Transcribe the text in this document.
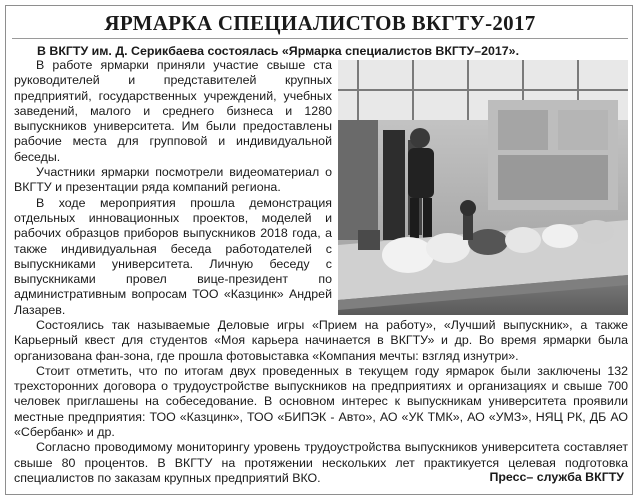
ЯРМАРКА СПЕЦИАЛИСТОВ ВКГТУ-2017
В ВКГТУ им. Д. Серикбаева состоялась «Ярмарка специалистов ВКГТУ–2017».

В работе ярмарки приняли участие свыше ста руководителей и представителей крупных предприятий, государственных учреждений, учебных заведений, малого и среднего бизнеса и 1280 выпускников университета. Им были предоставлены рабочие места для групповой и индивидуальной беседы.

Участники ярмарки посмотрели видеоматериал о ВКГТУ и презентации ряда компаний региона.

В ходе мероприятия прошла демонстрация отдельных инновационных проектов, моделей и рабочих образцов приборов выпускников 2018 года, а также индивидуальная беседа работодателей с выпускниками университета. Личную беседу с выпускниками провел вице-президент по административным вопросам ТОО «Казцинк» Андрей Лазарев.

Состоялись так называемые Деловые игры «Прием на работу», «Лучший выпускник», а также Карьерный квест для студентов «Моя карьера начинается в ВКГТУ» и др. Во время ярмарки была организована фан-зона, где прошла фотовыставка «Компания мечты: взгляд изнутри».

Стоит отметить, что по итогам двух проведенных в текущем году ярмарок были заключены 132 трехсторонних договора о трудоустройстве выпускников на предприятиях и организациях и свыше 700 человек приглашены на собеседование. В основном интерес к выпускникам университета проявили местные предприятия: ТОО «Казцинк», ТОО «БИПЭК - Авто», АО «УК ТМК», АО «УМЗ», НЯЦ РК, ДБ АО «Сбербанк» и др.

Согласно проводимому мониторингу уровень трудоустройства выпускников университета составляет свыше 80 процентов. В ВКГТУ на протяжении нескольких лет практикуется целевая подготовка специалистов по заказам крупных предприятий ВКО.	Пресс– служба ВКГТУ
